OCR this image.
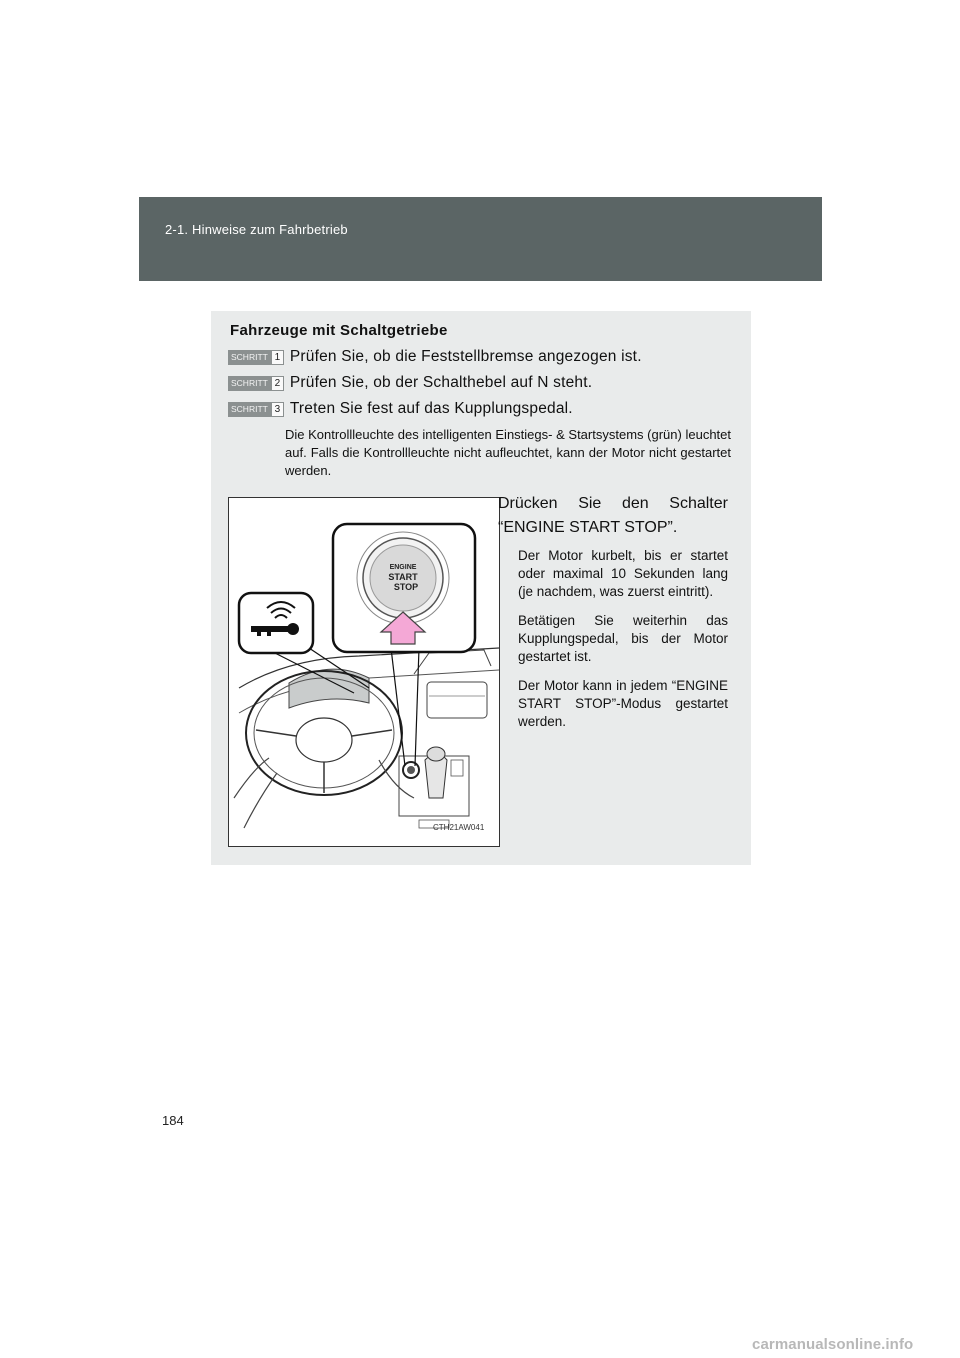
2-1. Hinweise zum Fahrbetrieb
Fahrzeuge mit Schaltgetriebe
SCHRITT 1 Prüfen Sie, ob die Feststellbremse angezogen ist.
SCHRITT 2 Prüfen Sie, ob der Schalthebel auf N steht.
SCHRITT 3 Treten Sie fest auf das Kupplungspedal.
Die Kontrollleuchte des intelligenten Einstiegs- & Startsystems (grün) leuchtet auf. Falls die Kontrollleuchte nicht aufleuchtet, kann der Motor nicht gestartet werden.
ENGINE
START
STOP
CTH21AW041
Drücken Sie den Schalter
“ENGINE START STOP”.

Der Motor kurbelt, bis er startet oder maximal 10 Sekunden lang (je nachdem, was zuerst eintritt).

Betätigen Sie weiterhin das Kupplungspedal, bis der Motor gestartet ist.

Der Motor kann in jedem “ENGINE START STOP”-Modus gestartet werden.

184
carmanualsonline.info
